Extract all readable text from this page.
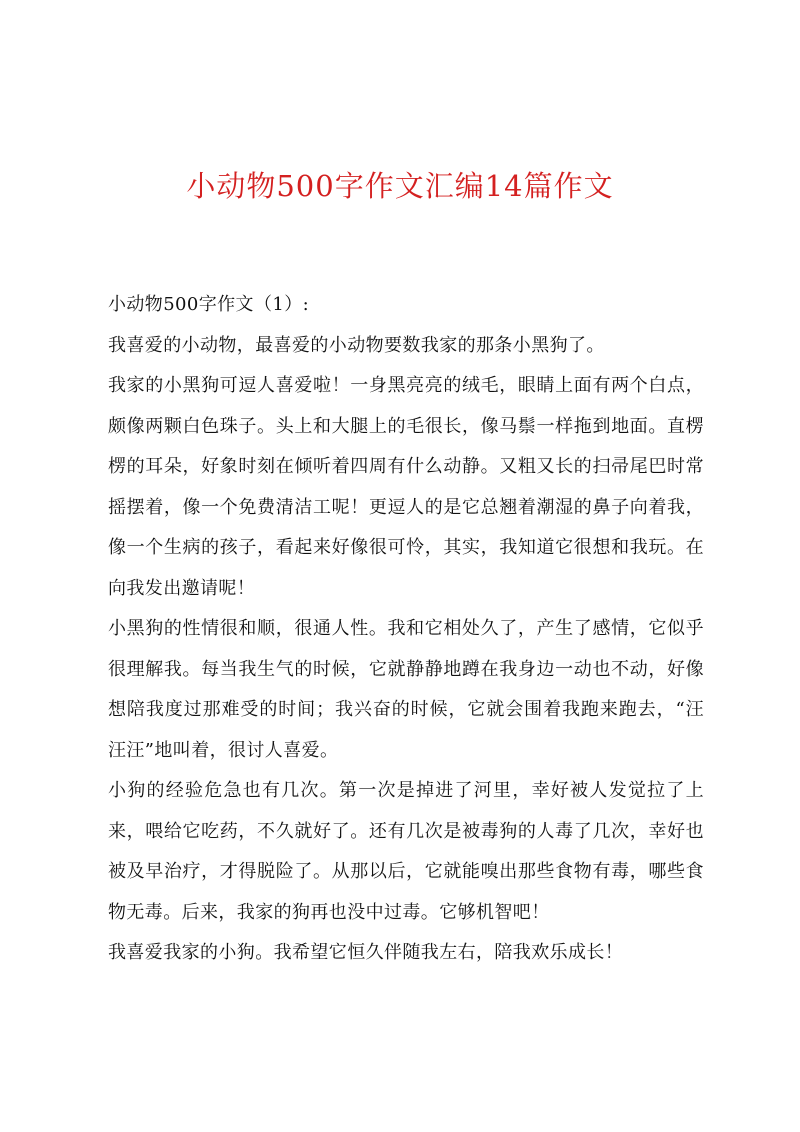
小动物500字作文汇编14篇作文

小动物500字作文（1）:

我喜爱的小动物，最喜爱的小动物要数我家的那条小黑狗了。

我家的小黑狗可逗人喜爱啦！一身黑亮亮的绒毛，眼睛上面有两个白点，颇像两颗白色珠子。头上和大腿上的毛很长，像马鬃一样拖到地面。直楞楞的耳朵，好象时刻在倾听着四周有什么动静。又粗又长的扫帚尾巴时常摇摆着，像一个免费清洁工呢！更逗人的是它总翘着潮湿的鼻子向着我，像一个生病的孩子，看起来好像很可怜，其实，我知道它很想和我玩。在向我发出邀请呢！

小黑狗的性情很和顺，很通人性。我和它相处久了，产生了感情，它似乎很理解我。每当我生气的时候，它就静静地蹲在我身边一动也不动，好像想陪我度过那难受的时间；我兴奋的时候，它就会围着我跑来跑去，“汪汪汪”地叫着，很讨人喜爱。

小狗的经验危急也有几次。第一次是掉进了河里，幸好被人发觉拉了上来，喂给它吃药，不久就好了。还有几次是被毒狗的人毒了几次，幸好也被及早治疗，才得脱险了。从那以后，它就能嗅出那些食物有毒，哪些食物无毒。后来，我家的狗再也没中过毒。它够机智吧！

我喜爱我家的小狗。我希望它恒久伴随我左右，陪我欢乐成长！
